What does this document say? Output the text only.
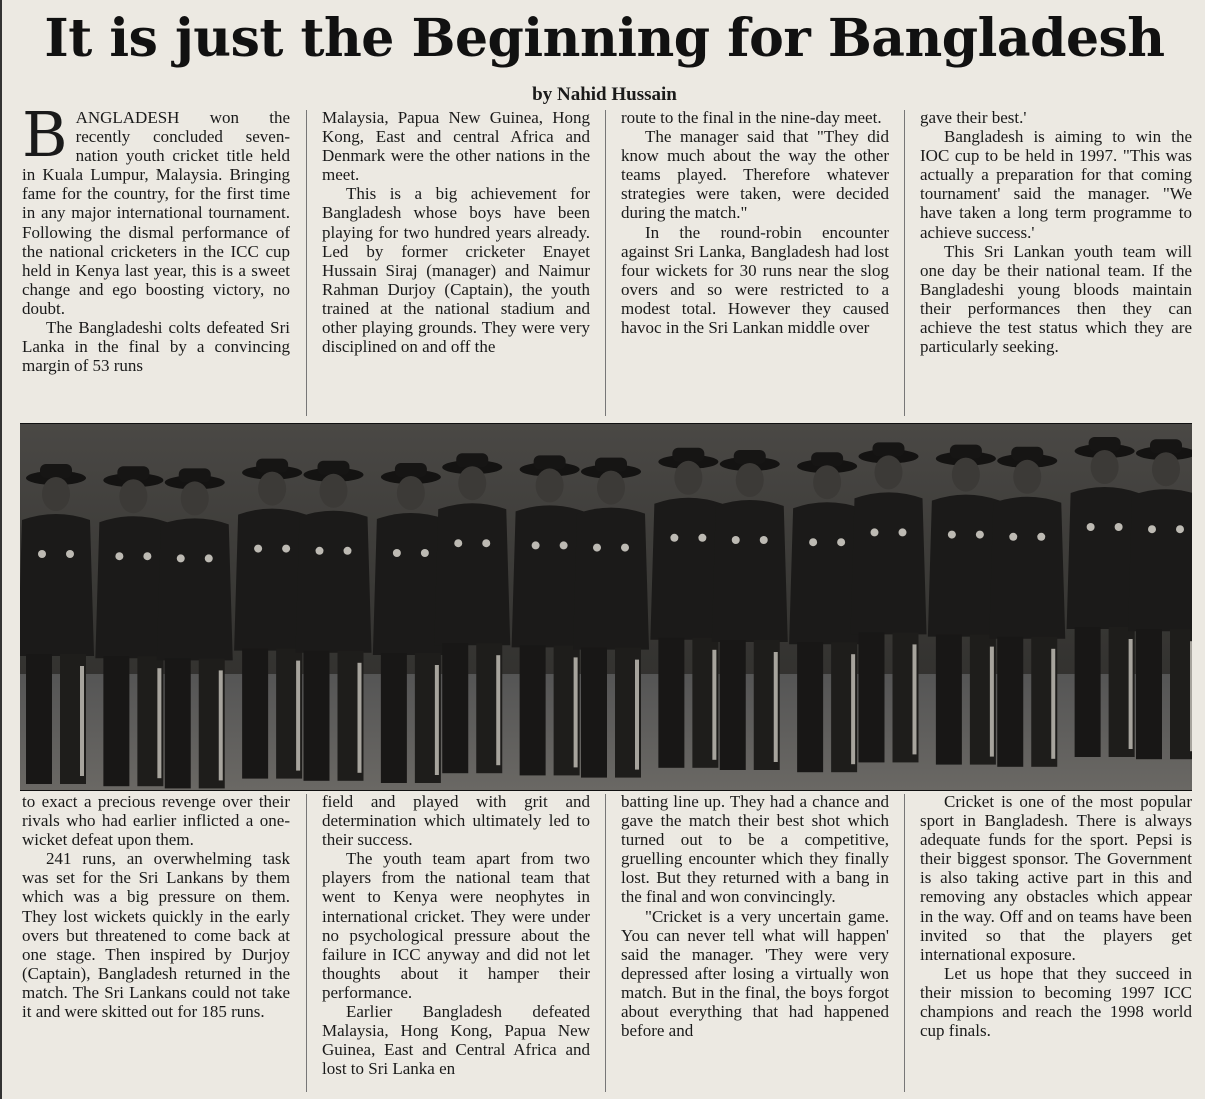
It is just the Beginning for Bangladesh
by Nahid Hussain

BANGLADESH won the recently concluded seven-nation youth cricket title held in Kuala Lumpur, Malaysia. Bringing fame for the country, for the first time in any major international tournament. Following the dismal performance of the national cricketers in the ICC cup held in Kenya last year, this is a sweet change and ego boosting victory, no doubt.

The Bangladeshi colts defeated Sri Lanka in the final by a convincing margin of 53 runs

Malaysia, Papua New Guinea, Hong Kong, East and central Africa and Denmark were the other nations in the meet.

This is a big achievement for Bangladesh whose boys have been playing for two hundred years already. Led by former cricketer Enayet Hussain Siraj (manager) and Naimur Rahman Durjoy (Captain), the youth trained at the national stadium and other playing grounds. They were very disciplined on and off the

route to the final in the nine-day meet.

The manager said that "They did know much about the way the other teams played. Therefore whatever strategies were taken, were decided during the match."

In the round-robin encounter against Sri Lanka, Bangladesh had lost four wickets for 30 runs near the slog overs and so were restricted to a modest total. However they caused havoc in the Sri Lankan middle over

gave their best.'

Bangladesh is aiming to win the IOC cup to be held in 1997. "This was actually a preparation for that coming tournament' said the manager. "We have taken a long term programme to achieve success.'

This Sri Lankan youth team will one day be their national team. If the Bangladeshi young bloods maintain their performances then they can achieve the test status which they are particularly seeking.

to exact a precious revenge over their rivals who had earlier inflicted a one-wicket defeat upon them.

241 runs, an overwhelming task was set for the Sri Lankans by them which was a big pressure on them. They lost wickets quickly in the early overs but threatened to come back at one stage. Then inspired by Durjoy (Captain), Bangladesh returned in the match. The Sri Lankans could not take it and were skitted out for 185 runs.

field and played with grit and determination which ultimately led to their success.

The youth team apart from two players from the national team that went to Kenya were neophytes in international cricket. They were under no psychological pressure about the failure in ICC anyway and did not let thoughts about it hamper their performance.

Earlier Bangladesh defeated Malaysia, Hong Kong, Papua New Guinea, East and Central Africa and lost to Sri Lanka en

batting line up. They had a chance and gave the match their best shot which turned out to be a competitive, gruelling encounter which they finally lost. But they returned with a bang in the final and won convincingly.

"Cricket is a very uncertain game. You can never tell what will happen' said the manager. 'They were very depressed after losing a virtually won match. But in the final, the boys forgot about everything that had happened before and

Cricket is one of the most popular sport in Bangladesh. There is always adequate funds for the sport. Pepsi is their biggest sponsor. The Government is also taking active part in this and removing any obstacles which appear in the way. Off and on teams have been invited so that the players get international exposure.

Let us hope that they succeed in their mission to becoming 1997 ICC champions and reach the 1998 world cup finals.
